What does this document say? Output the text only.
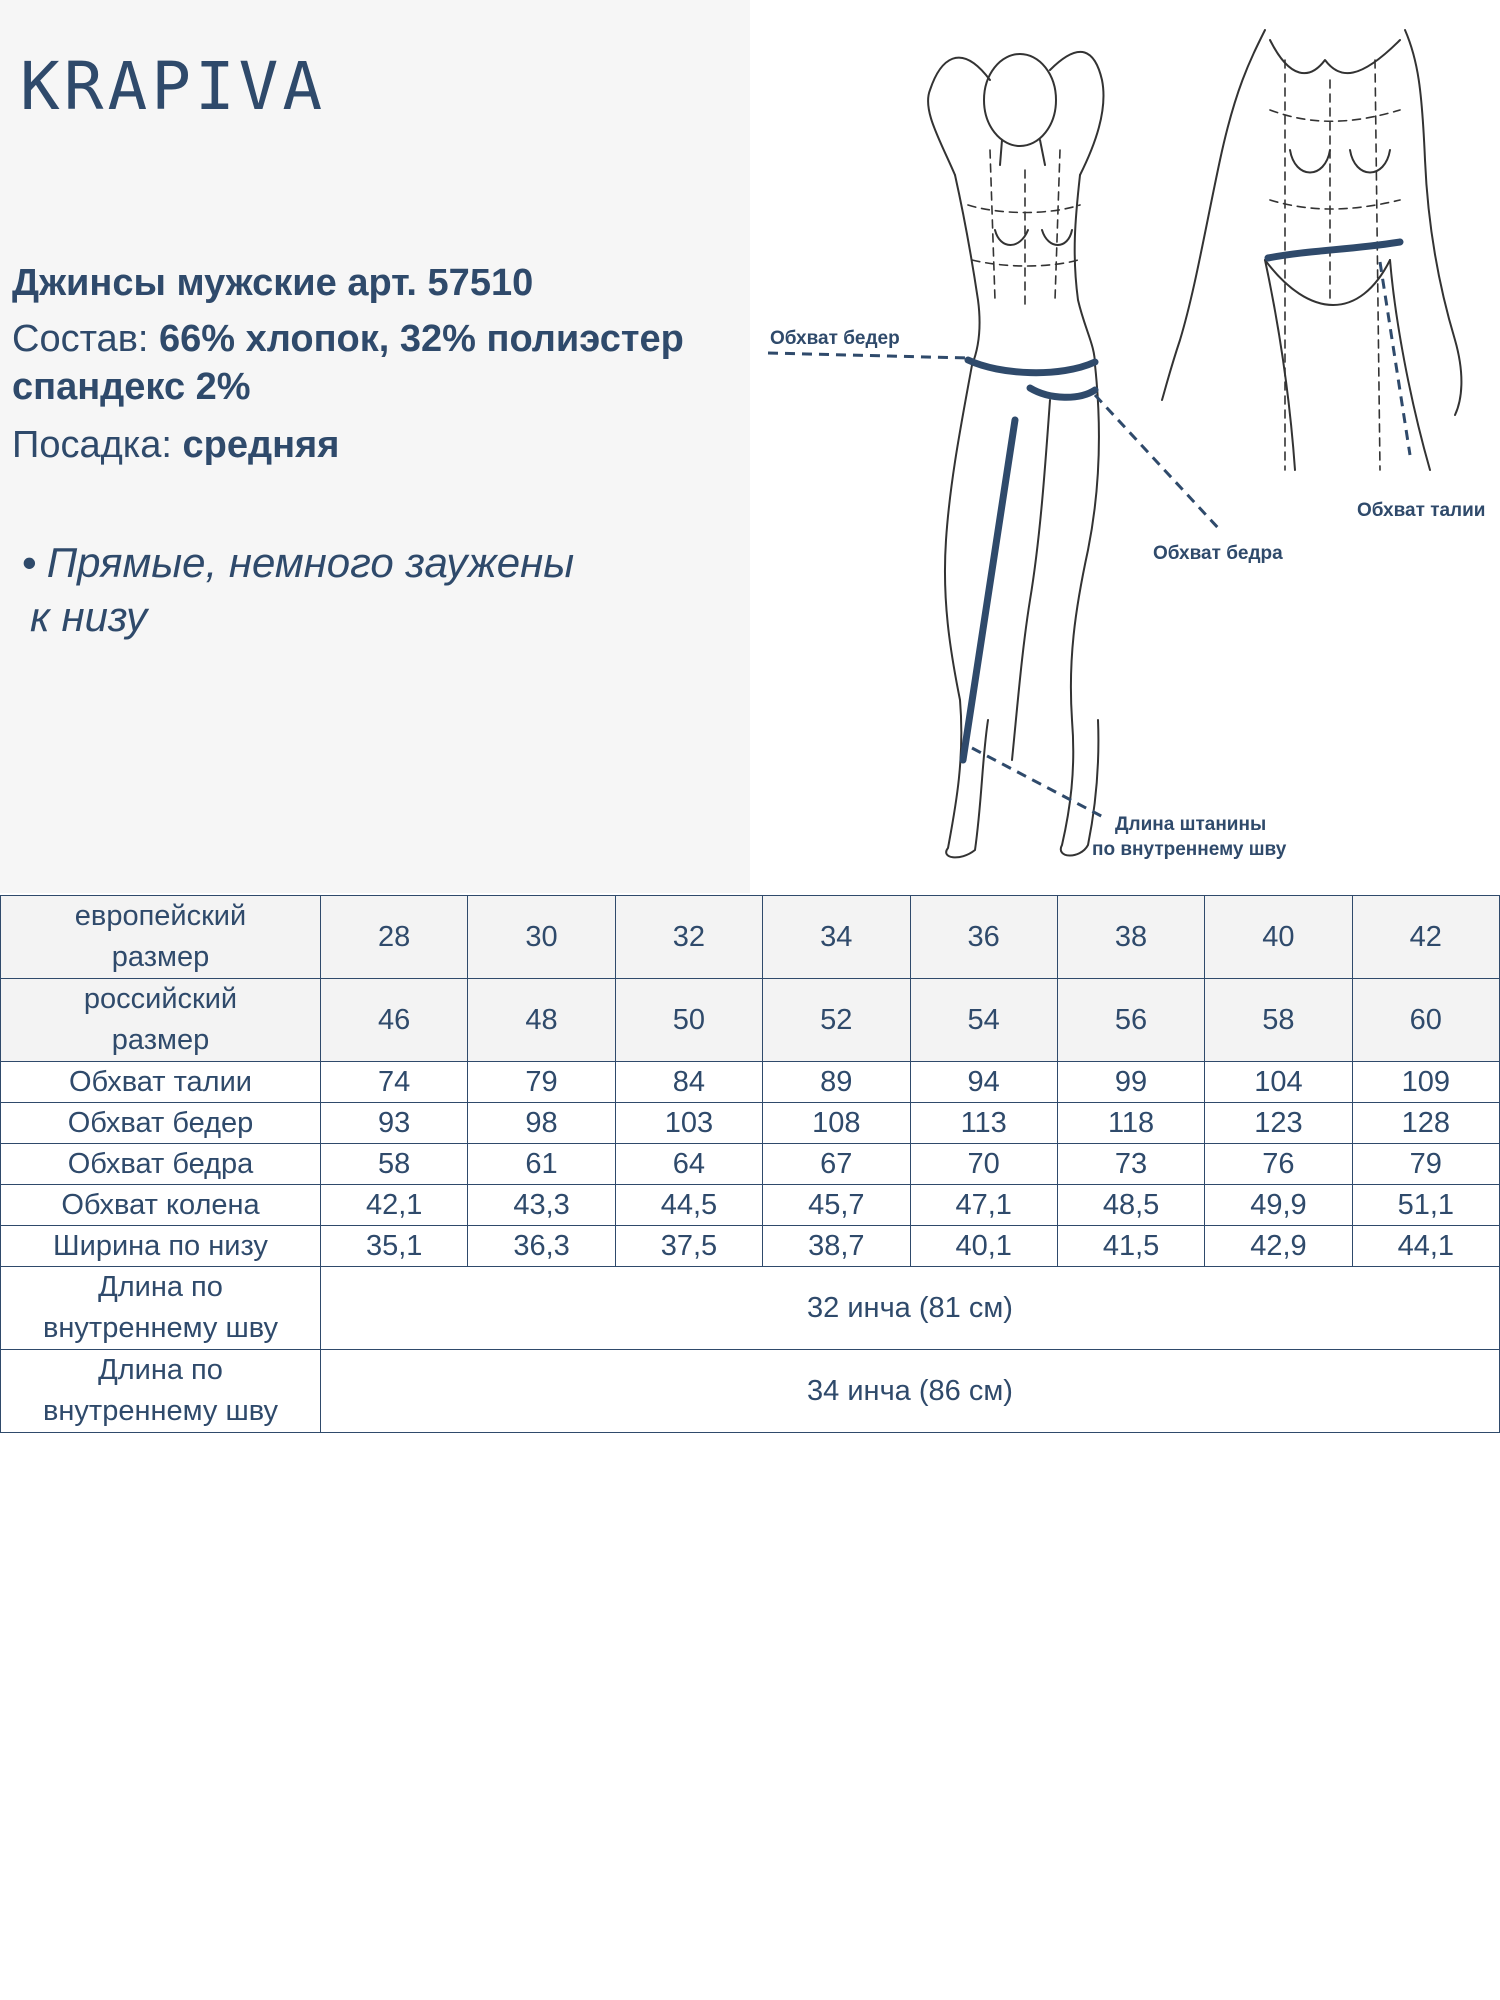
KRAPIVA

Джинсы мужские арт. 57510

Состав: 66% хлопок, 32% полиэстер

спандекс 2%

Посадка: средняя

• Прямые, немного заужены
к низу

Обхват бедер
Обхват талии
Обхват бедра
Длина штанины
по внутреннему шву
европейский
размер	28	30	32	34	36	38	40	42
российский
размер	46	48	50	52	54	56	58	60
Обхват талии	74	79	84	89	94	99	104	109
Обхват бедер	93	98	103	108	113	118	123	128
Обхват бедра	58	61	64	67	70	73	76	79
Обхват колена	42,1	43,3	44,5	45,7	47,1	48,5	49,9	51,1
Ширина по низу	35,1	36,3	37,5	38,7	40,1	41,5	42,9	44,1
Длина по
внутреннему шву	32 инча (81 см)							
Длина по
внутреннему шву	34 инча (86 см)							
